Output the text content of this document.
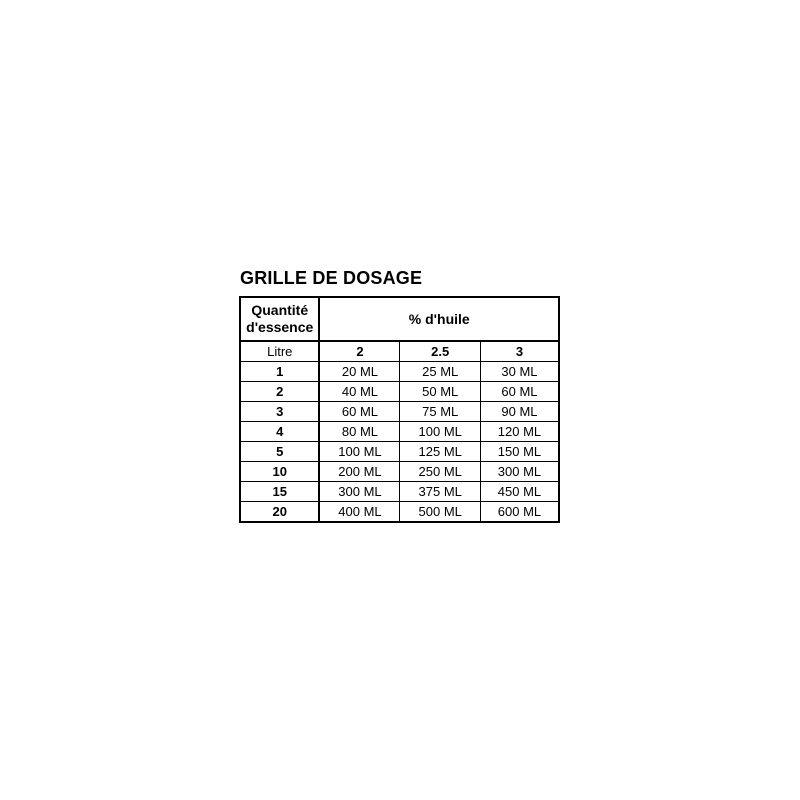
GRILLE DE DOSAGE
Quantité d'essence	% d'huile		
Litre	2	2.5	3
1	20 ML	25 ML	30 ML
2	40 ML	50 ML	60 ML
3	60 ML	75 ML	90 ML
4	80 ML	100 ML	120 ML
5	100 ML	125 ML	150 ML
10	200 ML	250 ML	300 ML
15	300 ML	375 ML	450 ML
20	400 ML	500 ML	600 ML
